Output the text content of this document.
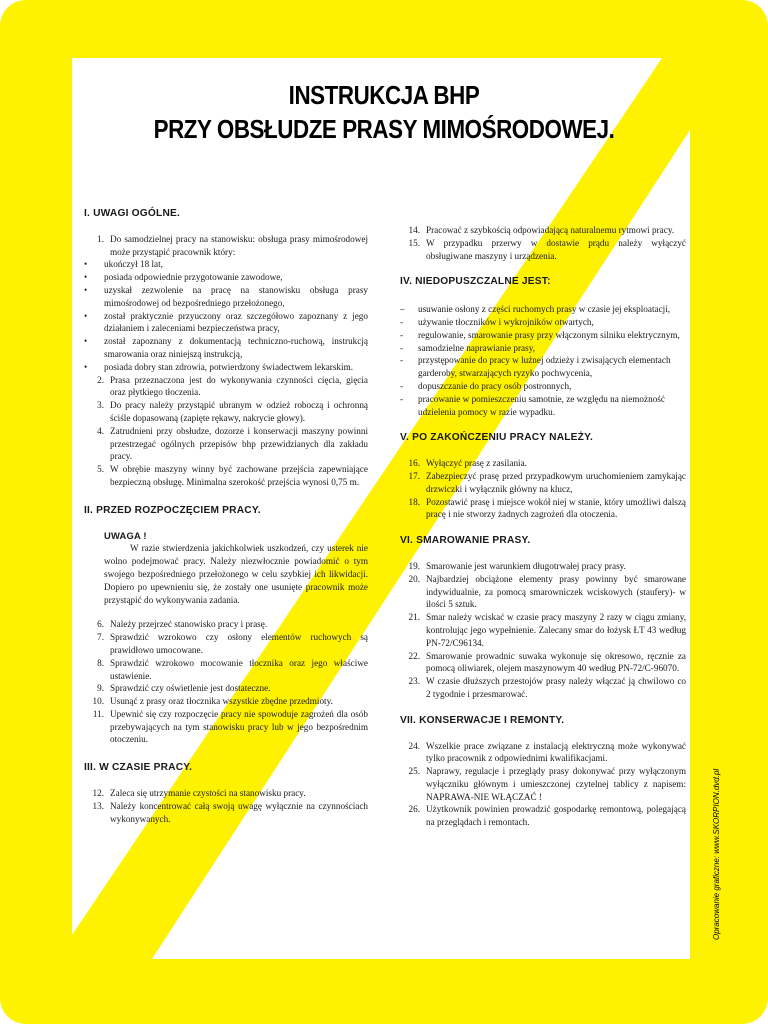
INSTRUKCJA BHP
PRZY OBSŁUDZE PRASY MIMOŚRODOWEJ.

I. UWAGI OGÓLNE.

1. Do samodzielnej pracy na stanowisku: obsługa prasy mimośrodowej może przystąpić pracownik który:
•	ukończył 18 lat,
•	posiada odpowiednie przygotowanie zawodowe,
•	uzyskał zezwolenie na pracę na stanowisku obsługa prasy mimośrodowej od bezpośredniego przełożonego,
•	został praktycznie przyuczony oraz szczegółowo zapoznany z jego działaniem i zaleceniami bezpieczeństwa pracy,
•	został zapoznany z dokumentacją techniczno-ruchową, instrukcją smarowania oraz niniejszą instrukcją,
•	posiada dobry stan zdrowia, potwierdzony świadectwem lekarskim.
2. Prasa przeznaczona jest do wykonywania czynności cięcia, gięcia oraz płytkiego tłoczenia.
3. Do pracy należy przystąpić ubranym w odzież roboczą i ochronną ściśle dopasowaną (zapięte rękawy, nakrycie głowy).
4. Zatrudnieni przy obsłudze, dozorze i konserwacji maszyny powinni przestrzegać ogólnych przepisów bhp przewidzianych dla zakładu pracy.
5. W obrębie maszyny winny być zachowane przejścia zapewniające bezpieczną obsługę. Minimalna szerokość przejścia wynosi 0,75 m.

II. PRZED ROZPOCZĘCIEM PRACY.

UWAGA !

W razie stwierdzenia jakichkolwiek uszkodzeń, czy usterek nie wolno podejmować pracy. Należy niezwłocznie powiadomić o tym swojego bezpośredniego przełożonego w celu szybkiej ich likwidacji. Dopiero po upewnieniu się, że zostały one usunięte pracownik może przystąpić do wykonywania zadania.

6. Należy przejrzeć stanowisko pracy i prasę.
7. Sprawdzić wzrokowo czy osłony elementów ruchowych są prawidłowo umocowane.
8. Sprawdzić wzrokowo mocowanie tłocznika oraz jego właściwe ustawienie.
9. Sprawdzić czy oświetlenie jest dostateczne.
10. Usunąć z prasy oraz tłocznika wszystkie zbędne przedmioty.
11. Upewnić się czy rozpoczęcie pracy nie spowoduje zagrożeń dla osób przebywających na tym stanowisku pracy lub w jego bezpośrednim otoczeniu.

III. W CZASIE PRACY.

12. Zaleca się utrzymanie czystości na stanowisku pracy.
13. Należy koncentrować całą swoją uwagę wyłącznie na czynnościach wykonywanych.
14. Pracować z szybkością odpowiadającą naturalnemu rytmowi pracy.
15. W przypadku przerwy w dostawie prądu należy wyłączyć obsługiwane maszyny i urządzenia.

IV. NIEDOPUSZCZALNE JEST:

–	usuwanie osłony z części ruchomych prasy w czasie jej eksploatacji,
-	używanie tłoczników i wykrojników otwartych,
-	regulowanie, smarowanie prasy przy włączonym silniku elektrycznym,
-	samodzielne naprawianie prasy,
-	przystępowanie do pracy w luźnej odzieży i zwisających elementach garderoby, stwarzających ryzyko pochwycenia,
-	dopuszczanie do pracy osób postronnych,
-	pracowanie w pomieszczeniu samotnie, ze względu na niemożność udzielenia pomocy w razie wypadku.

V. PO ZAKOŃCZENIU PRACY NALEŻY.

16. Wyłączyć prasę z zasilania.
17. Zabezpieczyć prasę przed przypadkowym uruchomieniem zamykając drzwiczki i wyłącznik główny na klucz,
18. Pozostawić prasę i miejsce wokół niej w stanie, który umożliwi dalszą pracę i nie stworzy żadnych zagrożeń dla otoczenia.

VI. SMAROWANIE PRASY.

19. Smarowanie jest warunkiem długotrwałej pracy prasy.
20. Najbardziej obciążone elementy prasy powinny być smarowane indywidualnie, za pomocą smarowniczek wciskowych (staufery)- w ilości 5 sztuk.
21. Smar należy wciskać w czasie pracy maszyny 2 razy w ciągu zmiany, kontrolując jego wypełnienie. Zalecany smar do łożysk ŁT 43 według PN-72/C96134.
22. Smarowanie prowadnic suwaka wykonuje się okresowo, ręcznie za pomocą oliwiarek, olejem maszynowym 40 według PN-72/C-96070.
23. W czasie dłuższych przestojów prasy należy włączać ją chwilowo co 2 tygodnie i przesmarować.

VII. KONSERWACJE I REMONTY.

24. Wszelkie prace związane z instalacją elektryczną może wykonywać tylko pracownik z odpowiednimi kwalifikacjami.
25. Naprawy, regulacje i przeglądy prasy dokonywać przy wyłączonym wyłączniku głównym i umieszczonej czytelnej tablicy z napisem: NAPRAWA-NIE WŁĄCZAĆ !
26. Użytkownik powinien prowadzić gospodarkę remontową, polegającą na przeglądach i remontach.	Opracowanie graficzne: www.SKORPION.dvd.pl
